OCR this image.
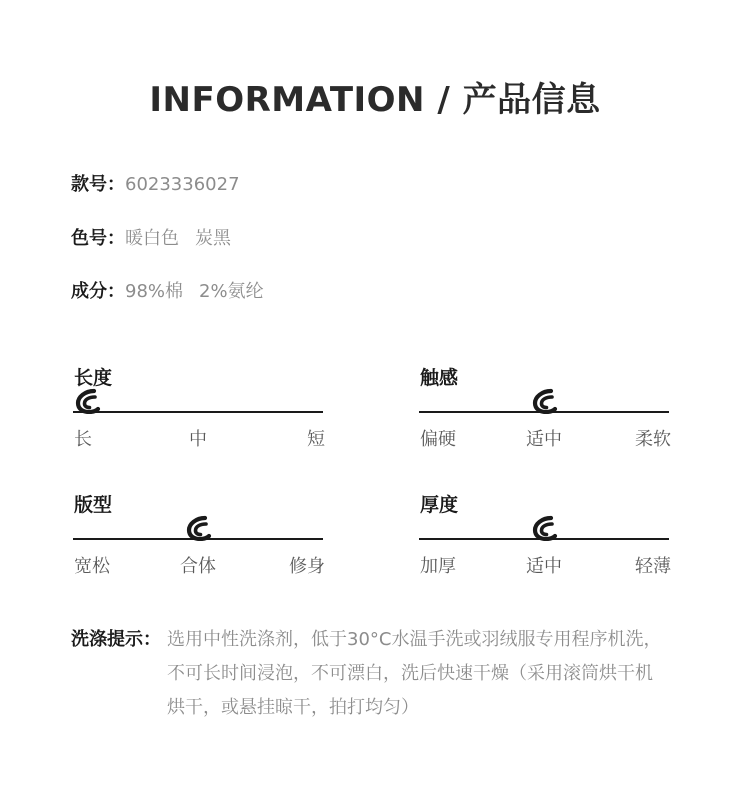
INFORMATION / 产品信息
款号：6023336027
色号：暖白色 炭黑
成分：98%棉 2%氨纶
长度
长	中	短
触感
偏硬	适中	柔软
版型
宽松	合体	修身
厚度
加厚	适中	轻薄
洗涤提示： 选用中性洗涤剂，低于30°C水温手洗或羽绒服专用程序机洗，
不可长时间浸泡，不可漂白，洗后快速干燥（采用滚筒烘干机
烘干，或悬挂晾干，拍打均匀）
